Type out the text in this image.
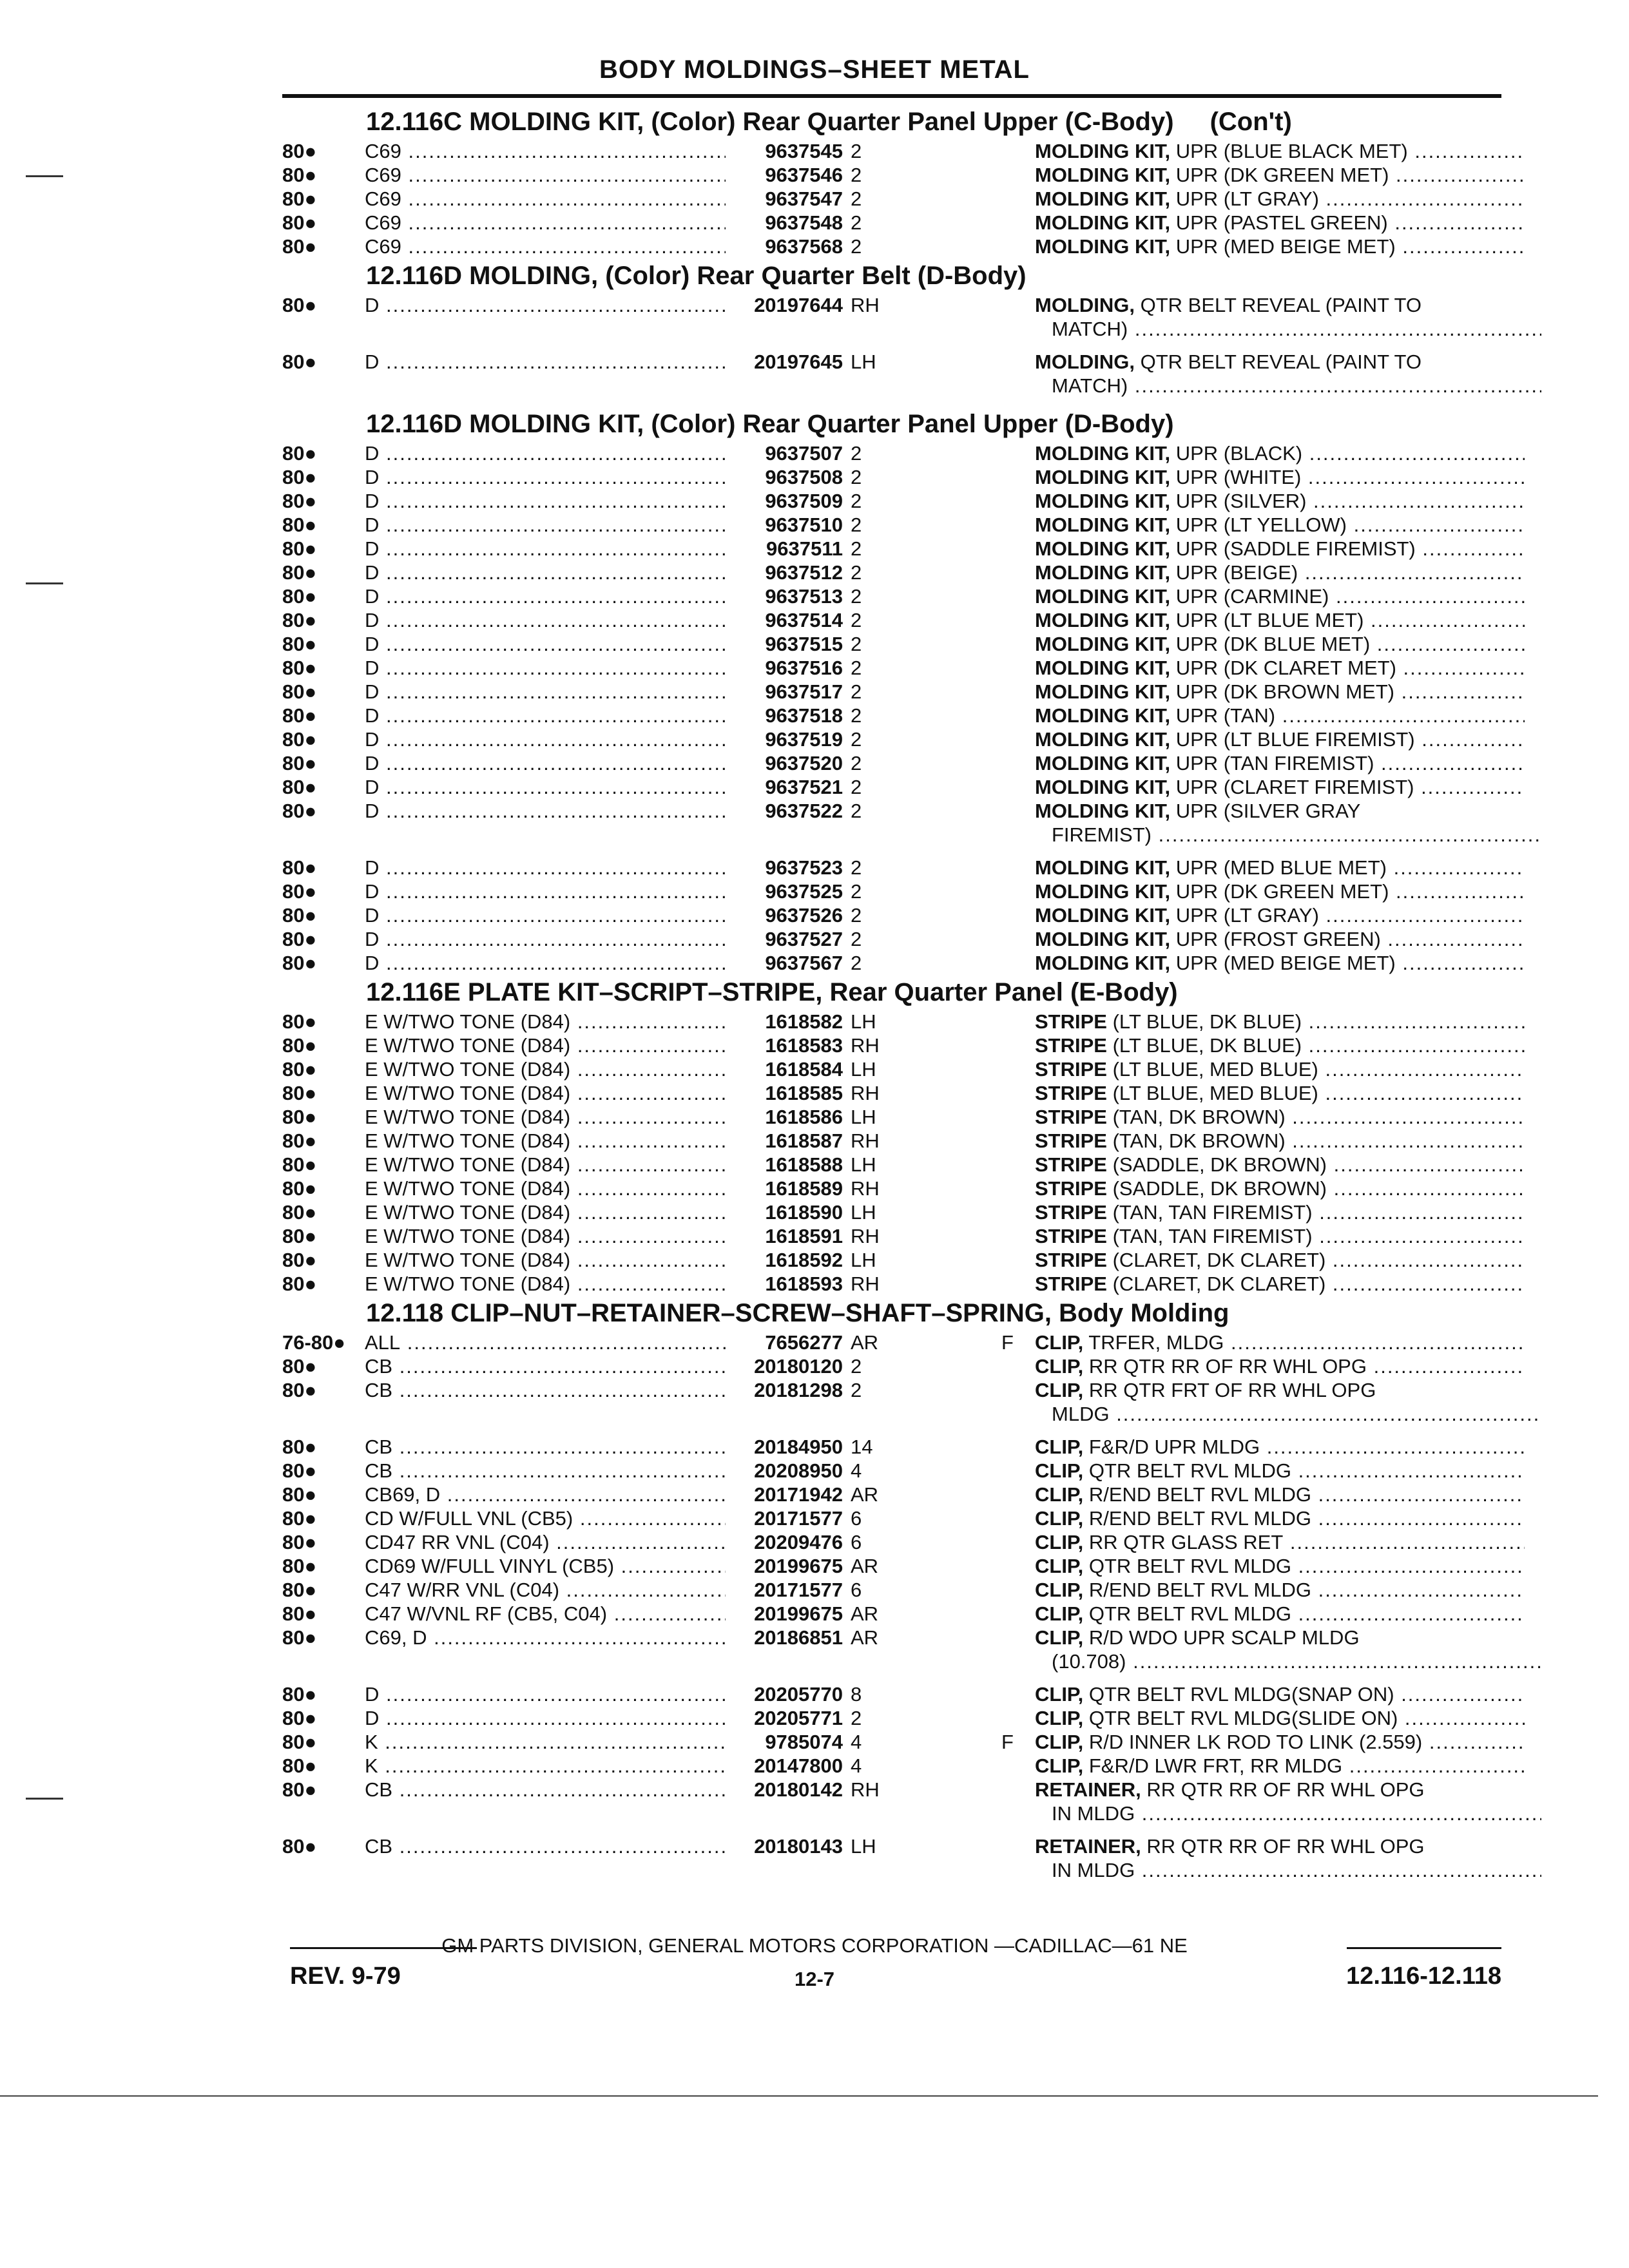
BODY MOLDINGS–SHEET METAL
12.116C MOLDING KIT, (Color) Rear Quarter Panel Upper (C-Body) (Con't)
80●	C69 .....	9637545 2	MOLDING KIT, UPR (BLUE BLACK MET) .....
80●	C69 .....	9637546 2	MOLDING KIT, UPR (DK GREEN MET) .....
80●	C69 .....	9637547 2	MOLDING KIT, UPR (LT GRAY) .....
80●	C69 .....	9637548 2	MOLDING KIT, UPR (PASTEL GREEN) .....
80●	C69 .....	9637568 2	MOLDING KIT, UPR (MED BEIGE MET) .....
12.116D MOLDING, (Color) Rear Quarter Belt (D-Body)
80●	D .....	20197644 RH	MOLDING, QTR BELT REVEAL (PAINT TO
MATCH) .....
80●	D .....	20197645 LH	MOLDING, QTR BELT REVEAL (PAINT TO
MATCH) .....
12.116D MOLDING KIT, (Color) Rear Quarter Panel Upper (D-Body)
80●	D .....	9637507 2	MOLDING KIT, UPR (BLACK) .....
80●	D .....	9637508 2	MOLDING KIT, UPR (WHITE) .....
80●	D .....	9637509 2	MOLDING KIT, UPR (SILVER) .....
80●	D .....	9637510 2	MOLDING KIT, UPR (LT YELLOW) .....
80●	D .....	9637511 2	MOLDING KIT, UPR (SADDLE FIREMIST) .....
80●	D .....	9637512 2	MOLDING KIT, UPR (BEIGE) .....
80●	D .....	9637513 2	MOLDING KIT, UPR (CARMINE) .....
80●	D .....	9637514 2	MOLDING KIT, UPR (LT BLUE MET) .....
80●	D .....	9637515 2	MOLDING KIT, UPR (DK BLUE MET) .....
80●	D .....	9637516 2	MOLDING KIT, UPR (DK CLARET MET) .....
80●	D .....	9637517 2	MOLDING KIT, UPR (DK BROWN MET) .....
80●	D .....	9637518 2	MOLDING KIT, UPR (TAN) .....
80●	D .....	9637519 2	MOLDING KIT, UPR (LT BLUE FIREMIST) .....
80●	D .....	9637520 2	MOLDING KIT, UPR (TAN FIREMIST) .....
80●	D .....	9637521 2	MOLDING KIT, UPR (CLARET FIREMIST) .....
80●	D .....	9637522 2	MOLDING KIT, UPR (SILVER GRAY
FIREMIST) .....
80●	D .....	9637523 2	MOLDING KIT, UPR (MED BLUE MET) .....
80●	D .....	9637525 2	MOLDING KIT, UPR (DK GREEN MET) .....
80●	D .....	9637526 2	MOLDING KIT, UPR (LT GRAY) .....
80●	D .....	9637527 2	MOLDING KIT, UPR (FROST GREEN) .....
80●	D .....	9637567 2	MOLDING KIT, UPR (MED BEIGE MET) .....
12.116E PLATE KIT–SCRIPT–STRIPE, Rear Quarter Panel (E-Body)
80●	E W/TWO TONE (D84) .....	1618582 LH	STRIPE (LT BLUE, DK BLUE) .....
80●	E W/TWO TONE (D84) .....	1618583 RH	STRIPE (LT BLUE, DK BLUE) .....
80●	E W/TWO TONE (D84) .....	1618584 LH	STRIPE (LT BLUE, MED BLUE) .....
80●	E W/TWO TONE (D84) .....	1618585 RH	STRIPE (LT BLUE, MED BLUE) .....
80●	E W/TWO TONE (D84) .....	1618586 LH	STRIPE (TAN, DK BROWN) .....
80●	E W/TWO TONE (D84) .....	1618587 RH	STRIPE (TAN, DK BROWN) .....
80●	E W/TWO TONE (D84) .....	1618588 LH	STRIPE (SADDLE, DK BROWN) .....
80●	E W/TWO TONE (D84) .....	1618589 RH	STRIPE (SADDLE, DK BROWN) .....
80●	E W/TWO TONE (D84) .....	1618590 LH	STRIPE (TAN, TAN FIREMIST) .....
80●	E W/TWO TONE (D84) .....	1618591 RH	STRIPE (TAN, TAN FIREMIST) .....
80●	E W/TWO TONE (D84) .....	1618592 LH	STRIPE (CLARET, DK CLARET) .....
80●	E W/TWO TONE (D84) .....	1618593 RH	STRIPE (CLARET, DK CLARET) .....
12.118 CLIP–NUT–RETAINER–SCREW–SHAFT–SPRING, Body Molding
76-80● ALL .....	7656277 AR	F	CLIP, TRFER, MLDG .....
80●	CB .....	20180120 2	CLIP, RR QTR RR OF RR WHL OPG .....
80●	CB .....	20181298 2	CLIP, RR QTR FRT OF RR WHL OPG
MLDG .....
80●	CB .....	20184950 14	CLIP, F&R/D UPR MLDG .....
80●	CB .....	20208950 4	CLIP, QTR BELT RVL MLDG .....
80●	CB69, D .....	20171942 AR	CLIP, R/END BELT RVL MLDG .....
80●	CD W/FULL VNL (CB5) .....	20171577 6	CLIP, R/END BELT RVL MLDG .....
80●	CD47 RR VNL (C04) .....	20209476 6	CLIP, RR QTR GLASS RET .....
80●	CD69 W/FULL VINYL (CB5) .....	20199675 AR	CLIP, QTR BELT RVL MLDG .....
80●	C47 W/RR VNL (C04) .....	20171577 6	CLIP, R/END BELT RVL MLDG .....
80●	C47 W/VNL RF (CB5, C04) .....	20199675 AR	CLIP, QTR BELT RVL MLDG .....
80●	C69, D .....	20186851 AR	CLIP, R/D WDO UPR SCALP MLDG
(10.708) .....
80●	D .....	20205770 8	CLIP, QTR BELT RVL MLDG(SNAP ON) .....
80●	D .....	20205771 2	CLIP, QTR BELT RVL MLDG(SLIDE ON) .....
80●	K .....	9785074 4	F	CLIP, R/D INNER LK ROD TO LINK (2.559) .....
80●	K .....	20147800 4	CLIP, F&R/D LWR FRT, RR MLDG .....
80●	CB .....	20180142 RH	RETAINER, RR QTR RR OF RR WHL OPG
IN MLDG .....
80●	CB .....	20180143 LH	RETAINER, RR QTR RR OF RR WHL OPG
IN MLDG .....
GM PARTS DIVISION, GENERAL MOTORS CORPORATION —CADILLAC—61 NE
REV. 9-79	12-7	12.116-12.118
